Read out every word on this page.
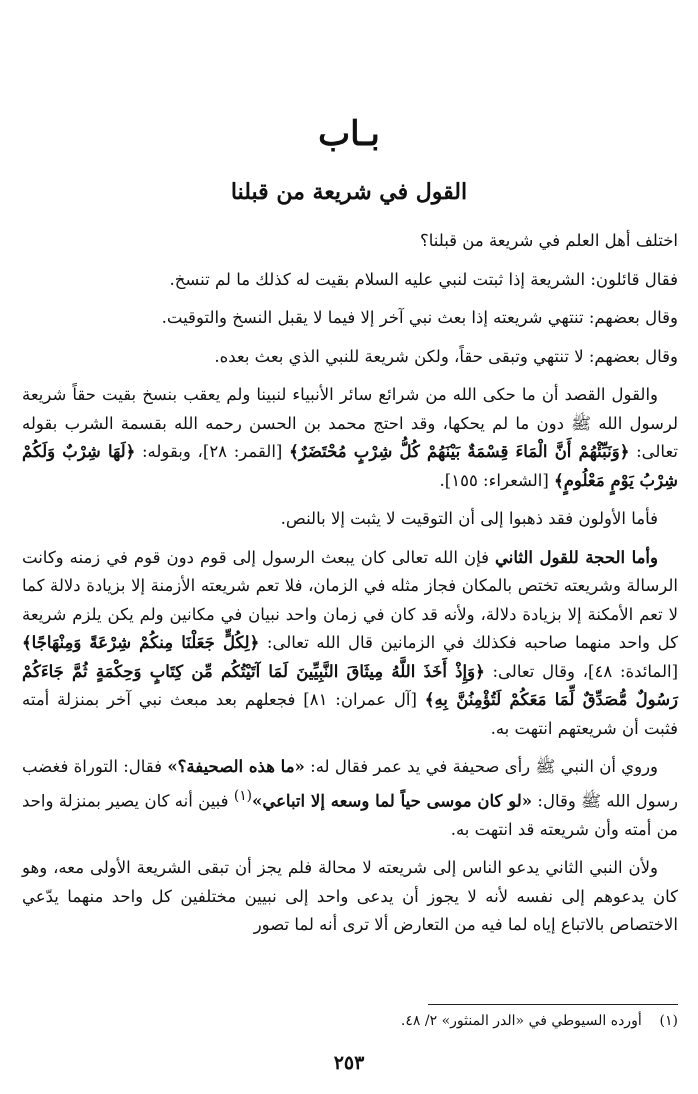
بـاب
القول في شريعة من قبلنا

اختلف أهل العلم في شريعة من قبلنا؟

فقال قائلون: الشريعة إذا ثبتت لنبي عليه السلام بقيت له كذلك ما لم تنسخ.

وقال بعضهم: تنتهي شريعته إذا بعث نبي آخر إلا فيما لا يقبل النسخ والتوقيت.

وقال بعضهم: لا تنتهي وتبقى حقاً، ولكن شريعة للنبي الذي بعث بعده.

والقول القصد أن ما حكى الله من شرائع سائر الأنبياء لنبينا ولم يعقب بنسخ بقيت حقاً شريعة لرسول الله ﷺ دون ما لم يحكها، وقد احتج محمد بن الحسن رحمه الله بقسمة الشرب بقوله تعالى: ﴿وَنَبِّئْهُمْ أَنَّ الْمَاءَ قِسْمَةٌ بَيْنَهُمْ كُلُّ شِرْبٍ مُحْتَضَرٌ﴾ [القمر: ٢٨]، وبقوله: ﴿لَهَا شِرْبٌ وَلَكُمْ شِرْبُ يَوْمٍ مَعْلُومٍ﴾ [الشعراء: ١٥٥].

فأما الأولون فقد ذهبوا إلى أن التوقيت لا يثبت إلا بالنص.

وأما الحجة للقول الثاني فإن الله تعالى كان يبعث الرسول إلى قوم دون قوم في زمنه وكانت الرسالة وشريعته تختص بالمكان فجاز مثله في الزمان، فلا تعم شريعته الأزمنة إلا بزيادة دلالة كما لا تعم الأمكنة إلا بزيادة دلالة، ولأنه قد كان في زمان واحد نبيان في مكانين ولم يكن يلزم شريعة كل واحد منهما صاحبه فكذلك في الزمانين قال الله تعالى: ﴿لِكُلٍّ جَعَلْنَا مِنكُمْ شِرْعَةً وَمِنْهَاجًا﴾ [المائدة: ٤٨]، وقال تعالى: ﴿وَإِذْ أَخَذَ اللَّهُ مِيثَاقَ النَّبِيِّينَ لَمَا آتَيْتُكُم مِّن كِتَابٍ وَحِكْمَةٍ ثُمَّ جَاءَكُمْ رَسُولٌ مُّصَدِّقٌ لِّمَا مَعَكُمْ لَتُؤْمِنُنَّ بِهِ﴾ [آل عمران: ٨١] فجعلهم بعد مبعث نبي آخر بمنزلة أمته فثبت أن شريعتهم انتهت به.

وروي أن النبي ﷺ رأى صحيفة في يد عمر فقال له: «ما هذه الصحيفة؟» فقال: التوراة فغضب رسول الله ﷺ وقال: «لو كان موسى حياً لما وسعه إلا اتباعي»$^{(١)}$ فبين أنه كان يصير بمنزلة واحد من أمته وأن شريعته قد انتهت به.

ولأن النبي الثاني يدعو الناس إلى شريعته لا محالة فلم يجز أن تبقى الشريعة الأولى معه، وهو كان يدعوهم إلى نفسه لأنه لا يجوز أن يدعى واحد إلى نبيين مختلفين كل واحد منهما يدّعي الاختصاص بالاتباع إياه لما فيه من التعارض ألا ترى أنه لما تصور

(١)    أورده السيوطي في «الدر المنثور» ٢/ ٤٨.
٢٥٣
